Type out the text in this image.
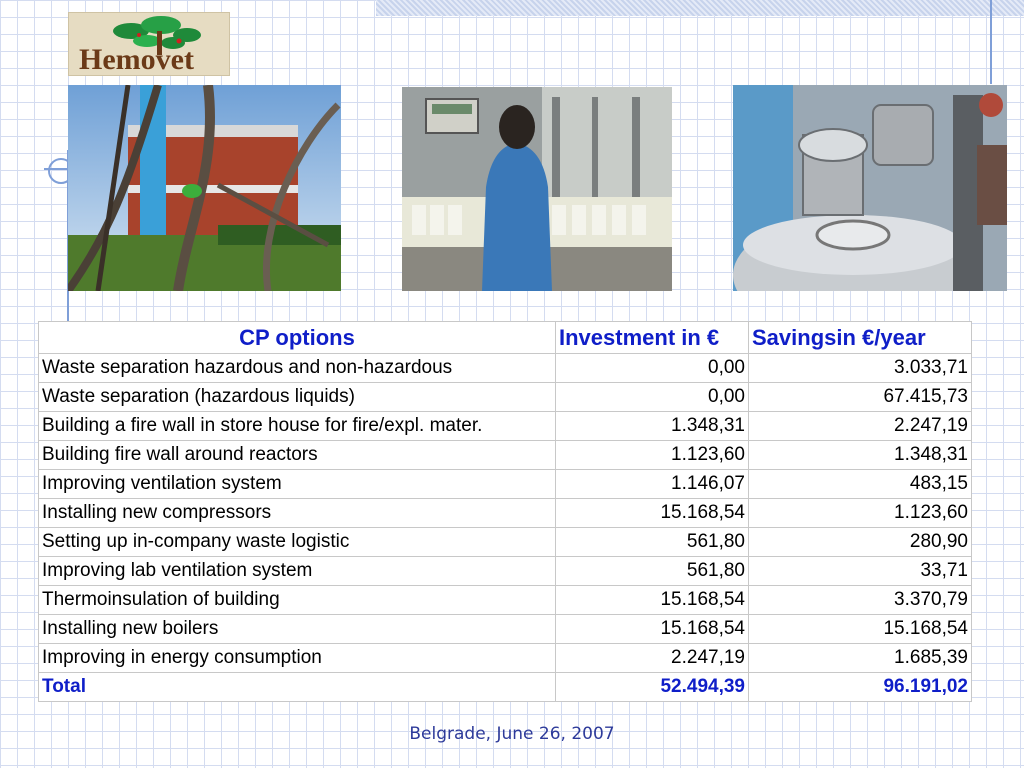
Hemovet
CP options	Investment in €	Savingsin €/year
Waste separation hazardous and non-hazardous	0,00	3.033,71
Waste separation (hazardous liquids)	0,00	67.415,73
Building a fire wall in store house for fire/expl. mater.	1.348,31	2.247,19
Building fire wall around reactors	1.123,60	1.348,31
Improving ventilation system	1.146,07	483,15
Installing new compressors	15.168,54	1.123,60
Setting up in-company waste logistic	561,80	280,90
Improving lab ventilation system	561,80	33,71
Thermoinsulation of building	15.168,54	3.370,79
Installing new boilers	15.168,54	15.168,54
Improving in energy consumption	2.247,19	1.685,39
Total	52.494,39	96.191,02
Belgrade, June 26, 2007
